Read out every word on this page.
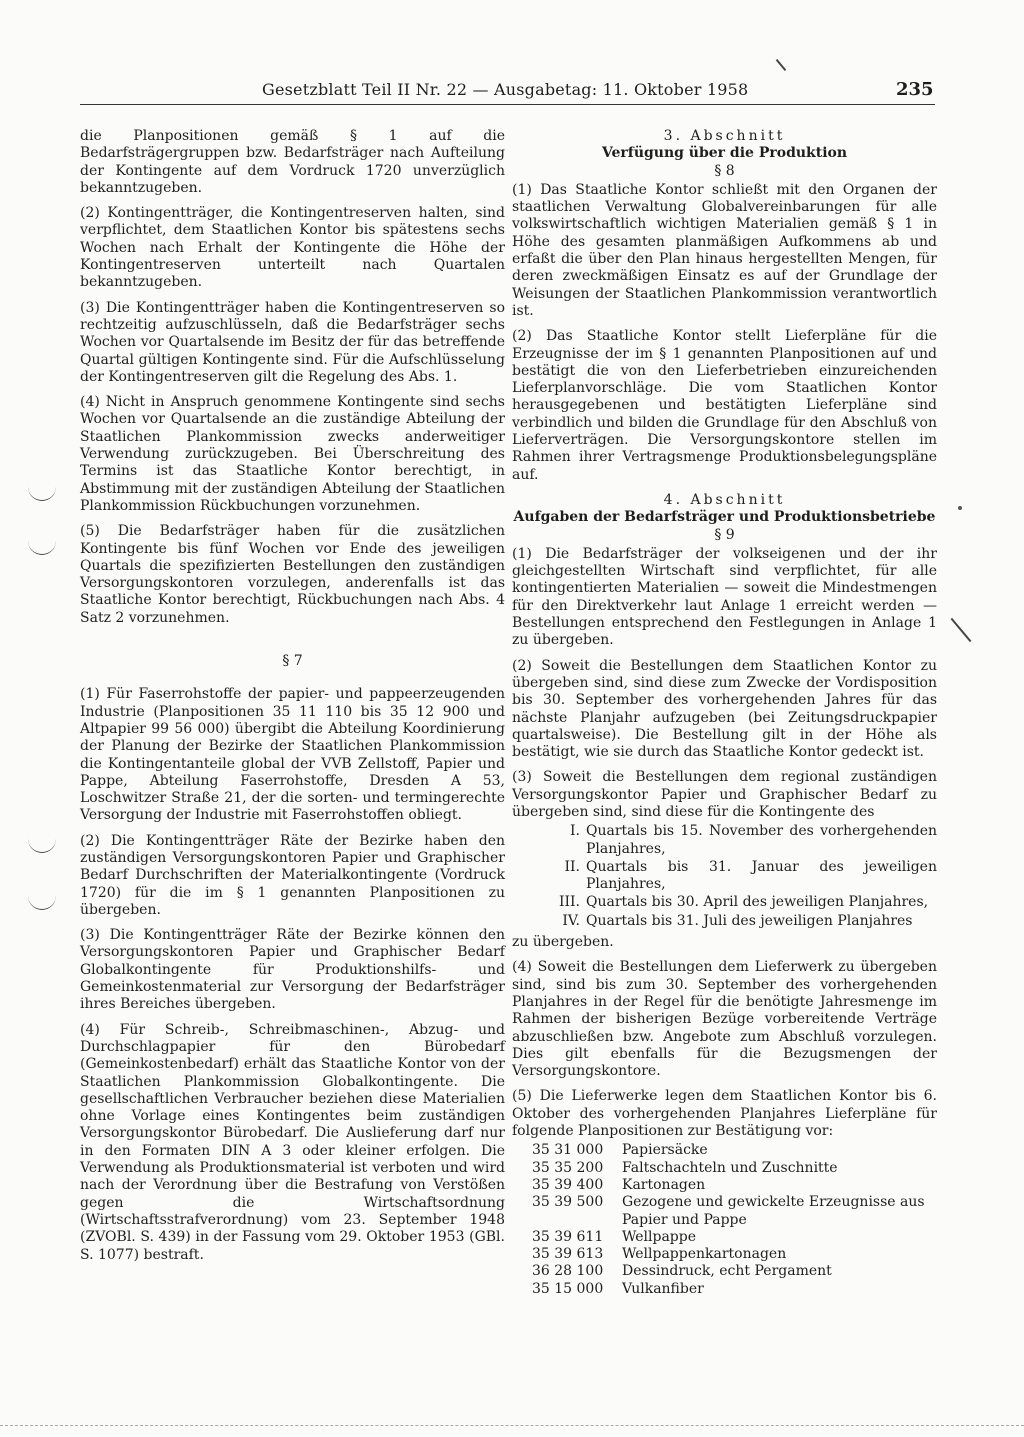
Gesetzblatt Teil II Nr. 22 — Ausgabetag: 11. Oktober 1958	235

die Planpositionen gemäß § 1 auf die Bedarfsträgergruppen bzw. Bedarfsträger nach Aufteilung der Kontingente auf dem Vordruck 1720 unverzüglich bekanntzugeben.

(2) Kontingentträger, die Kontingentreserven halten, sind verpflichtet, dem Staatlichen Kontor bis spätestens sechs Wochen nach Erhalt der Kontingente die Höhe der Kontingentreserven unterteilt nach Quartalen bekanntzugeben.

(3) Die Kontingentträger haben die Kontingentreserven so rechtzeitig aufzuschlüsseln, daß die Bedarfsträger sechs Wochen vor Quartalsende im Besitz der für das betreffende Quartal gültigen Kontingente sind. Für die Aufschlüsselung der Kontingentreserven gilt die Regelung des Abs. 1.

(4) Nicht in Anspruch genommene Kontingente sind sechs Wochen vor Quartalsende an die zuständige Abteilung der Staatlichen Plankommission zwecks anderweitiger Verwendung zurückzugeben. Bei Überschreitung des Termins ist das Staatliche Kontor berechtigt, in Abstimmung mit der zuständigen Abteilung der Staatlichen Plankommission Rückbuchungen vorzunehmen.

(5) Die Bedarfsträger haben für die zusätzlichen Kontingente bis fünf Wochen vor Ende des jeweiligen Quartals die spezifizierten Bestellungen den zuständigen Versorgungskontoren vorzulegen, anderenfalls ist das Staatliche Kontor berechtigt, Rückbuchungen nach Abs. 4 Satz 2 vorzunehmen.

§ 7

(1) Für Faserrohstoffe der papier- und pappeerzeugenden Industrie (Planpositionen 35 11 110 bis 35 12 900 und Altpapier 99 56 000) übergibt die Abteilung Koordinierung der Planung der Bezirke der Staatlichen Plankommission die Kontingentanteile global der VVB Zellstoff, Papier und Pappe, Abteilung Faserrohstoffe, Dresden A 53, Loschwitzer Straße 21, der die sorten- und termingerechte Versorgung der Industrie mit Faserrohstoffen obliegt.

(2) Die Kontingentträger Räte der Bezirke haben den zuständigen Versorgungskontoren Papier und Graphischer Bedarf Durchschriften der Materialkontingente (Vordruck 1720) für die im § 1 genannten Planpositionen zu übergeben.

(3) Die Kontingentträger Räte der Bezirke können den Versorgungskontoren Papier und Graphischer Bedarf Globalkontingente für Produktionshilfs- und Gemeinkostenmaterial zur Versorgung der Bedarfsträger ihres Bereiches übergeben.

(4) Für Schreib-, Schreibmaschinen-, Abzug- und Durchschlagpapier für den Bürobedarf (Gemeinkostenbedarf) erhält das Staatliche Kontor von der Staatlichen Plankommission Globalkontingente. Die gesellschaftlichen Verbraucher beziehen diese Materialien ohne Vorlage eines Kontingentes beim zuständigen Versorgungskontor Bürobedarf. Die Auslieferung darf nur in den Formaten DIN A 3 oder kleiner erfolgen. Die Verwendung als Produktionsmaterial ist verboten und wird nach der Verordnung über die Bestrafung von Verstößen gegen die Wirtschaftsordnung (Wirtschaftsstrafverordnung) vom 23. September 1948 (ZVOBl. S. 439) in der Fassung vom 29. Oktober 1953 (GBl. S. 1077) bestraft.

3. Abschnitt
Verfügung über die Produktion
§ 8

(1) Das Staatliche Kontor schließt mit den Organen der staatlichen Verwaltung Globalvereinbarungen für alle volkswirtschaftlich wichtigen Materialien gemäß § 1 in Höhe des gesamten planmäßigen Aufkommens ab und erfaßt die über den Plan hinaus hergestellten Mengen, für deren zweckmäßigen Einsatz es auf der Grundlage der Weisungen der Staatlichen Plankommission verantwortlich ist.

(2) Das Staatliche Kontor stellt Lieferpläne für die Erzeugnisse der im § 1 genannten Planpositionen auf und bestätigt die von den Lieferbetrieben einzureichenden Lieferplanvorschläge. Die vom Staatlichen Kontor herausgegebenen und bestätigten Lieferpläne sind verbindlich und bilden die Grundlage für den Abschluß von Lieferverträgen. Die Versorgungskontore stellen im Rahmen ihrer Vertragsmenge Produktionsbelegungspläne auf.

4. Abschnitt
Aufgaben der Bedarfsträger und Produktionsbetriebe
§ 9

(1) Die Bedarfsträger der volkseigenen und der ihr gleichgestellten Wirtschaft sind verpflichtet, für alle kontingentierten Materialien — soweit die Mindestmengen für den Direktverkehr laut Anlage 1 erreicht werden — Bestellungen entsprechend den Festlegungen in Anlage 1 zu übergeben.

(2) Soweit die Bestellungen dem Staatlichen Kontor zu übergeben sind, sind diese zum Zwecke der Vordisposition bis 30. September des vorhergehenden Jahres für das nächste Planjahr aufzugeben (bei Zeitungsdruckpapier quartalsweise). Die Bestellung gilt in der Höhe als bestätigt, wie sie durch das Staatliche Kontor gedeckt ist.

(3) Soweit die Bestellungen dem regional zuständigen Versorgungskontor Papier und Graphischer Bedarf zu übergeben sind, sind diese für die Kontingente des

I. Quartals bis 15. November des vorhergehenden Planjahres,
II. Quartals bis 31. Januar des jeweiligen Planjahres,
III. Quartals bis 30. April des jeweiligen Planjahres,
IV. Quartals bis 31. Juli des jeweiligen Planjahres

zu übergeben.

(4) Soweit die Bestellungen dem Lieferwerk zu übergeben sind, sind bis zum 30. September des vorhergehenden Planjahres in der Regel für die benötigte Jahresmenge im Rahmen der bisherigen Bezüge vorbereitende Verträge abzuschließen bzw. Angebote zum Abschluß vorzulegen. Dies gilt ebenfalls für die Bezugsmengen der Versorgungskontore.

(5) Die Lieferwerke legen dem Staatlichen Kontor bis 6. Oktober des vorhergehenden Planjahres Lieferpläne für folgende Planpositionen zur Bestätigung vor:

35 31 000	Papiersäcke
35 35 200	Faltschachteln und Zuschnitte
35 39 400	Kartonagen
35 39 500	Gezogene und gewickelte Erzeugnisse aus Papier und Pappe
35 39 611	Wellpappe
35 39 613	Wellpappenkartonagen
36 28 100	Dessindruck, echt Pergament
35 15 000	Vulkanfiber
